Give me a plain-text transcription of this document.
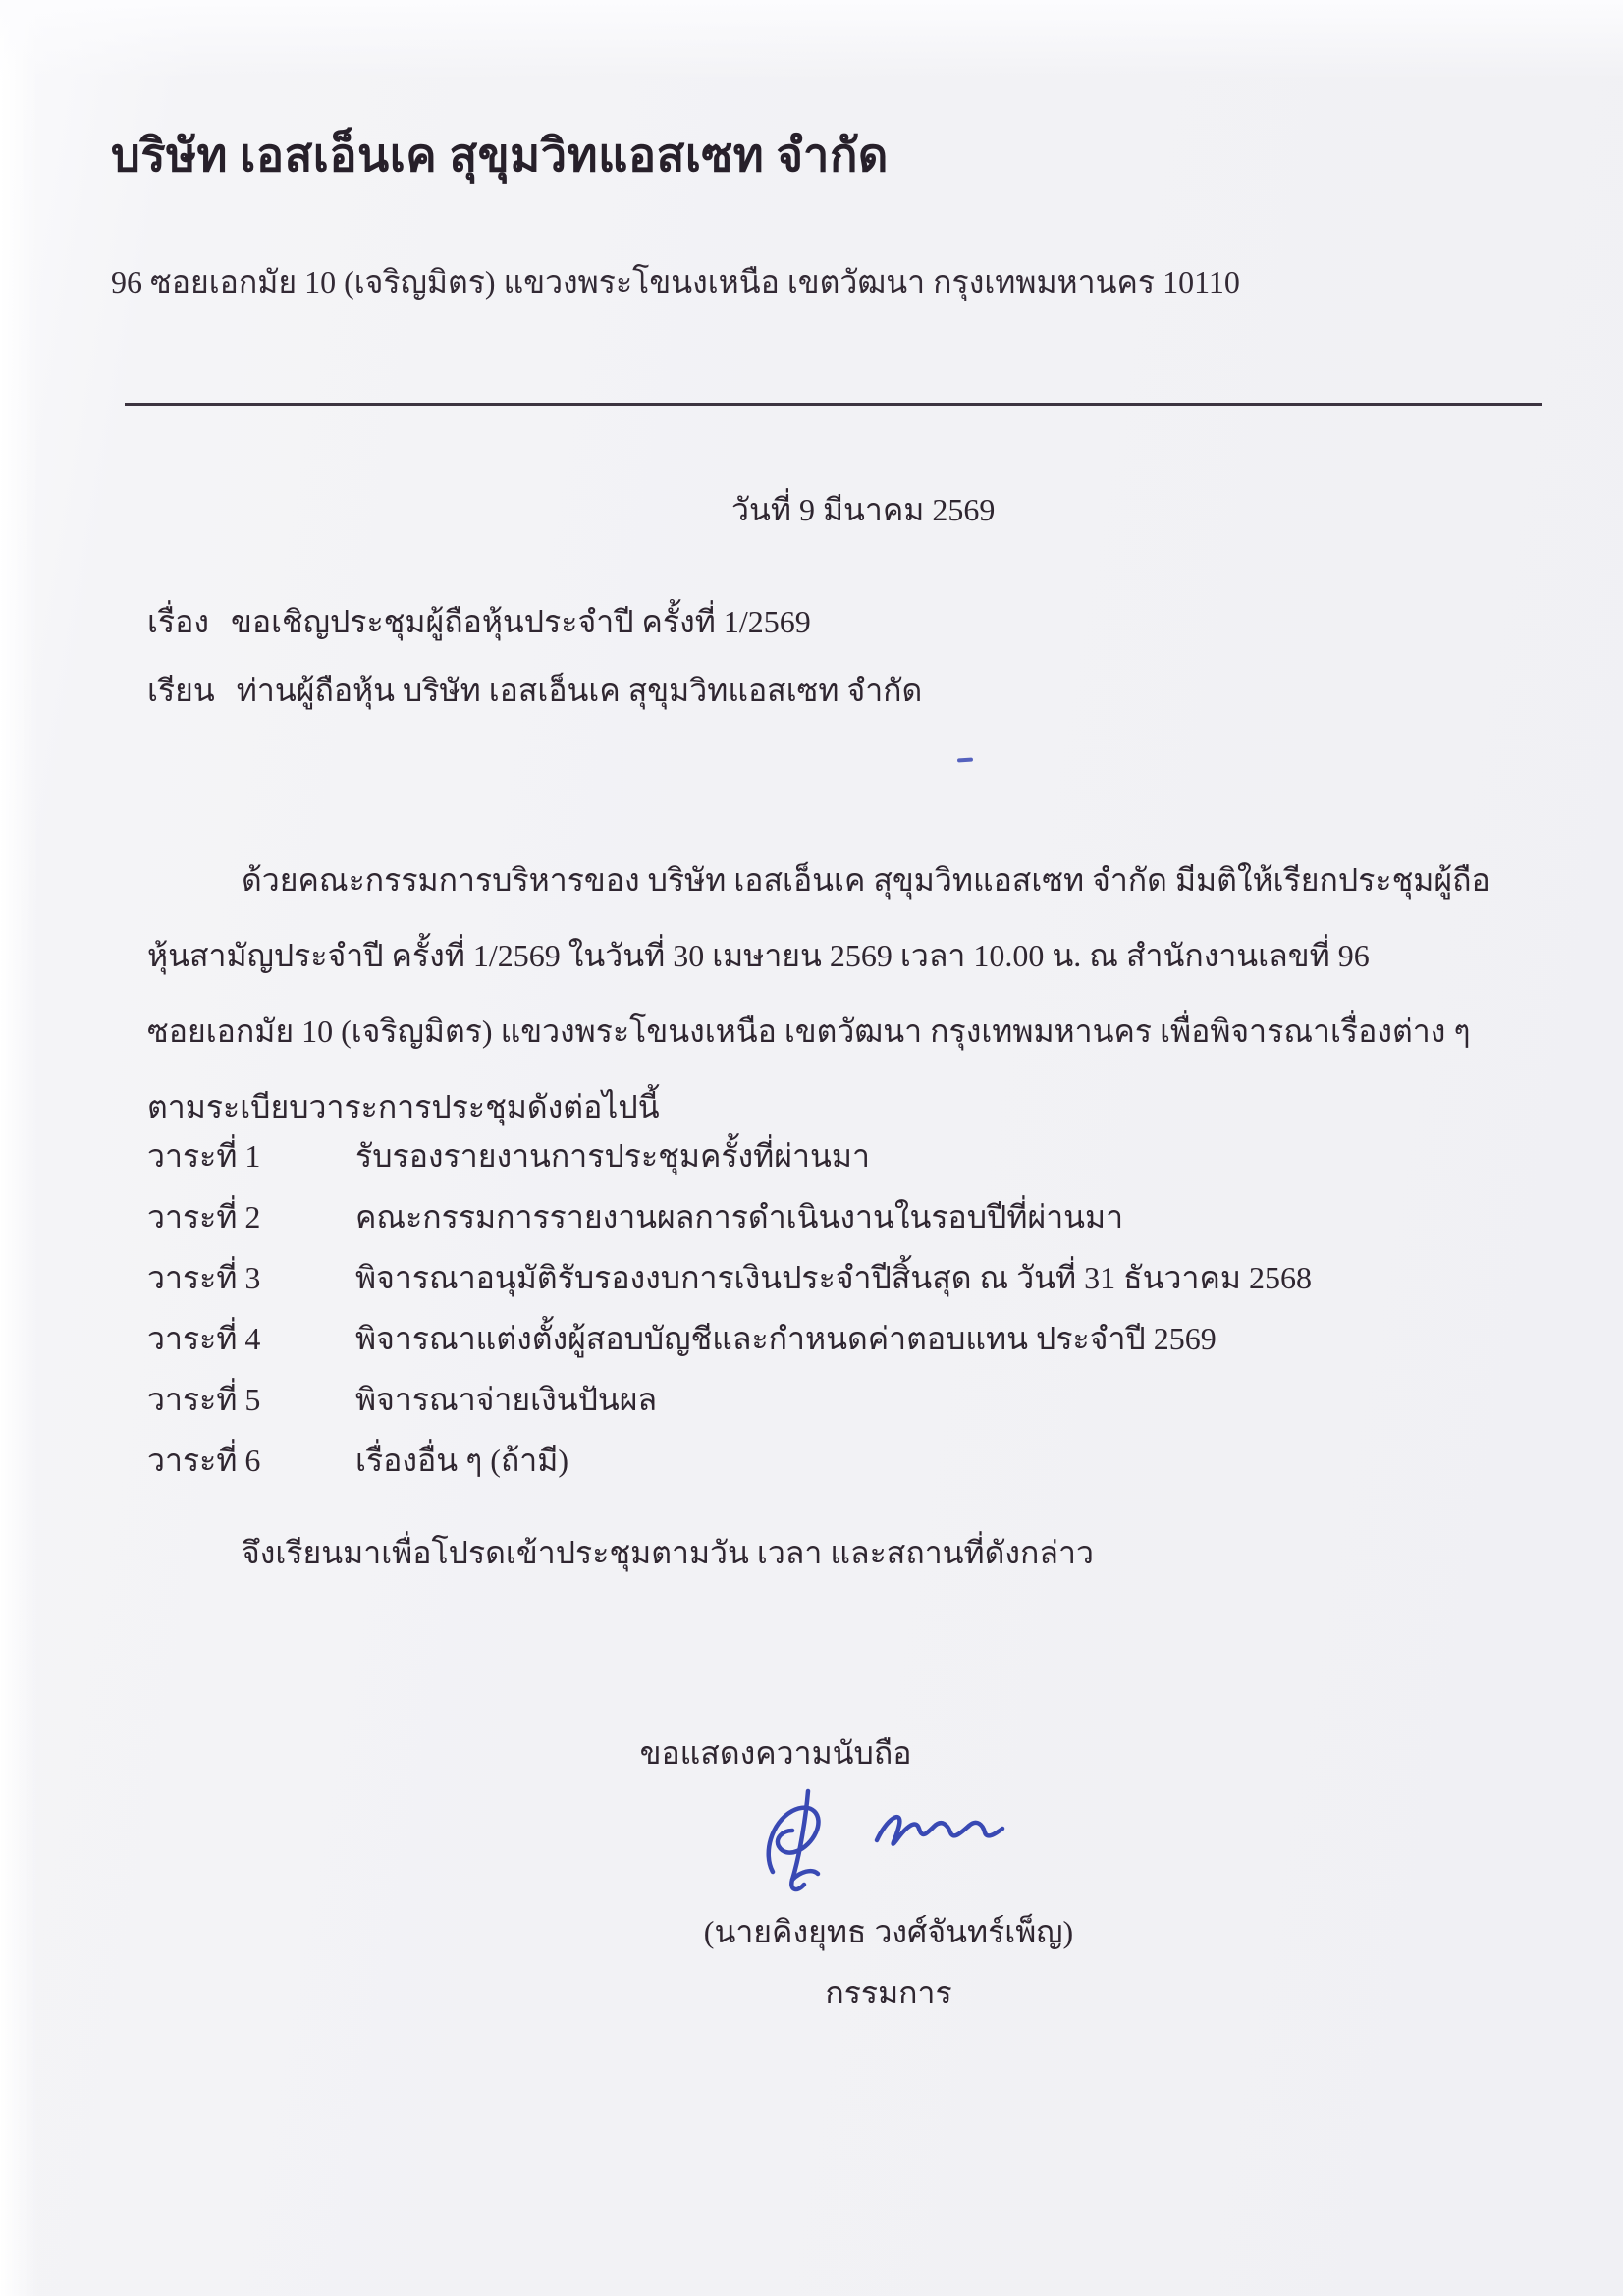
บริษัท เอสเอ็นเค สุขุมวิทแอสเซท จำกัด
96 ซอยเอกมัย 10 (เจริญมิตร) แขวงพระโขนงเหนือ เขตวัฒนา กรุงเทพมหานคร 10110
วันที่ 9 มีนาคม 2569
เรื่อง ขอเชิญประชุมผู้ถือหุ้นประจำปี ครั้งที่ 1/2569
เรียน ท่านผู้ถือหุ้น บริษัท เอสเอ็นเค สุขุมวิทแอสเซท จำกัด
ด้วยคณะกรรมการบริหารของ บริษัท เอสเอ็นเค สุขุมวิทแอสเซท จำกัด มีมติให้เรียกประชุมผู้ถือ
หุ้นสามัญประจำปี ครั้งที่ 1/2569 ในวันที่ 30 เมษายน 2569 เวลา 10.00 น. ณ สำนักงานเลขที่ 96
ซอยเอกมัย 10 (เจริญมิตร) แขวงพระโขนงเหนือ เขตวัฒนา กรุงเทพมหานคร เพื่อพิจารณาเรื่องต่าง ๆ
ตามระเบียบวาระการประชุมดังต่อไปนี้
วาระที่ 1	รับรองรายงานการประชุมครั้งที่ผ่านมา
วาระที่ 2	คณะกรรมการรายงานผลการดำเนินงานในรอบปีที่ผ่านมา
วาระที่ 3	พิจารณาอนุมัติรับรองงบการเงินประจำปีสิ้นสุด ณ วันที่ 31 ธันวาคม 2568
วาระที่ 4	พิจารณาแต่งตั้งผู้สอบบัญชีและกำหนดค่าตอบแทน ประจำปี 2569
วาระที่ 5	พิจารณาจ่ายเงินปันผล
วาระที่ 6	เรื่องอื่น ๆ (ถ้ามี)
จึงเรียนมาเพื่อโปรดเข้าประชุมตามวัน เวลา และสถานที่ดังกล่าว
ขอแสดงความนับถือ
(นายคิงยุทธ วงศ์จันทร์เพ็ญ)
กรรมการ
